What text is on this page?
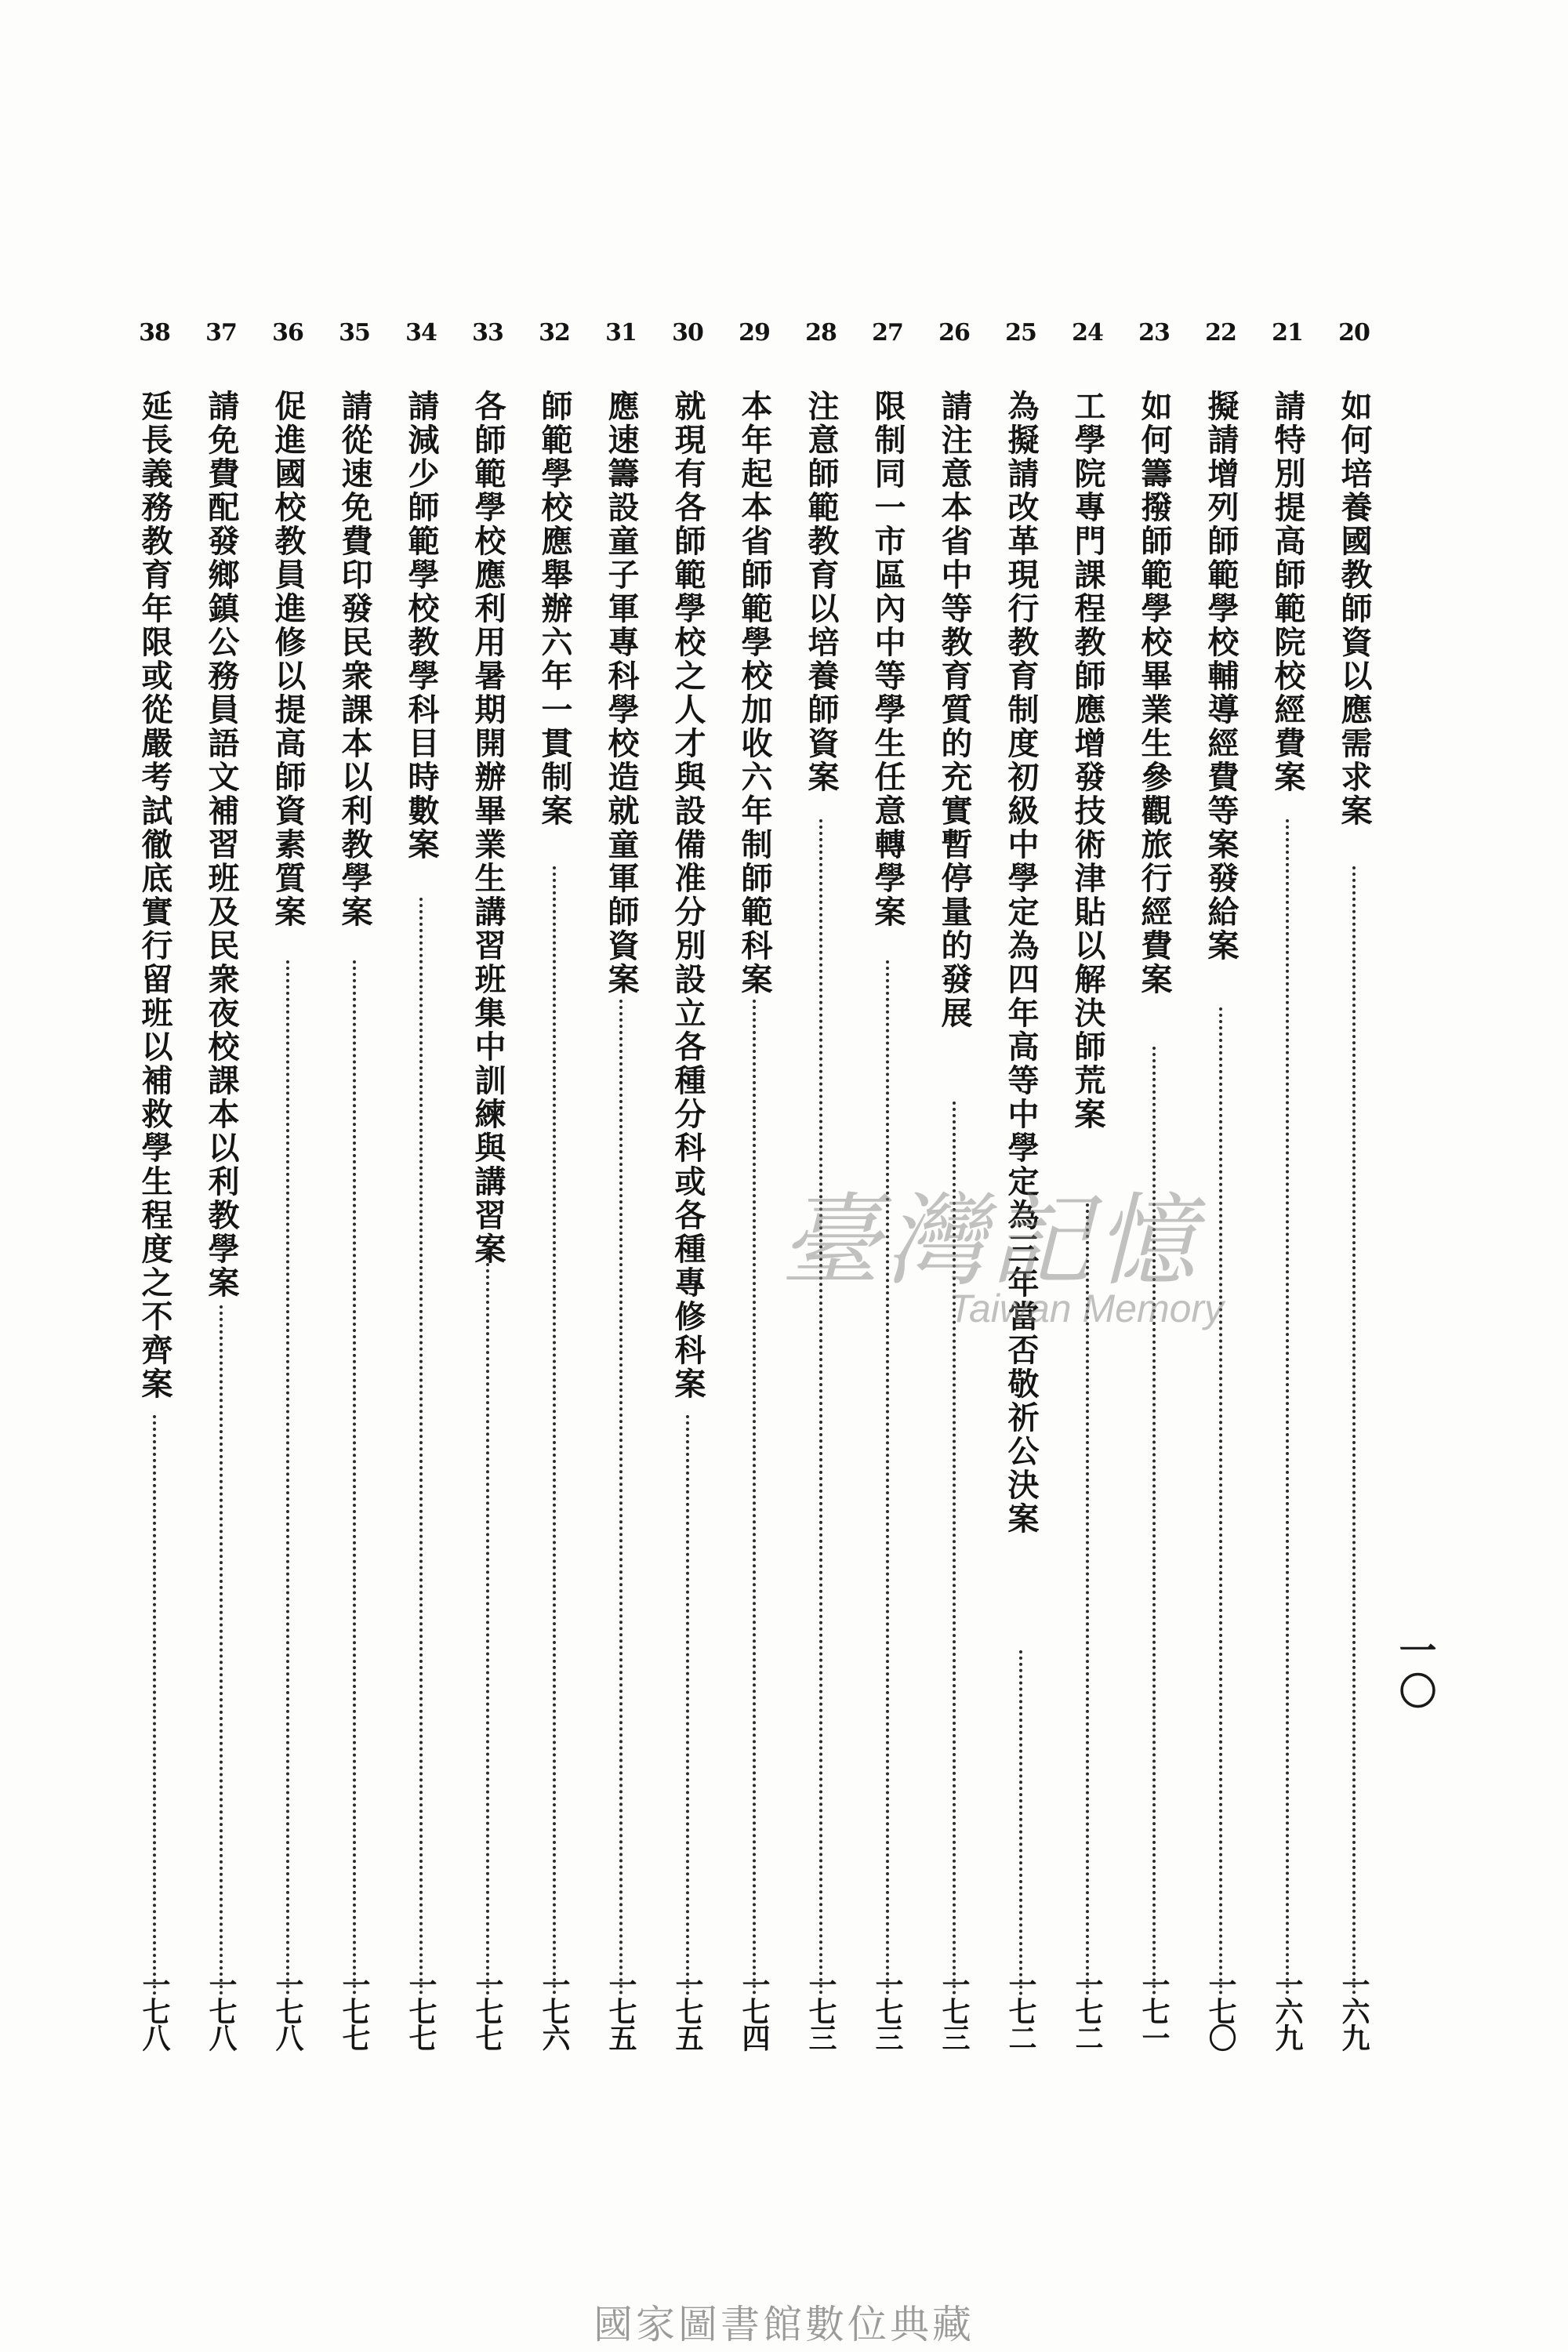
20
如何培養國教師資以應需求案
一六九
21
請特別提高師範院校經費案
一六九
22
擬請增列師範學校輔導經費等案發給案
一七〇
23
如何籌撥師範學校畢業生參觀旅行經費案
一七一
24
工學院專門課程教師應增發技術津貼以解決師荒案
一七二
25
為擬請改革現行教育制度初級中學定為四年高等中學定為三年當否敬祈公決案
一七二
26
請注意本省中等教育質的充實暫停量的發展
一七三
27
限制同一市區內中等學生任意轉學案
一七三
28
注意師範教育以培養師資案
一七三
29
本年起本省師範學校加收六年制師範科案
一七四
30
就現有各師範學校之人才與設備准分別設立各種分科或各種專修科案
一七五
31
應速籌設童子軍專科學校造就童軍師資案
一七五
32
師範學校應舉辦六年一貫制案
一七六
33
各師範學校應利用暑期開辦畢業生講習班集中訓練與講習案
一七七
34
請減少師範學校教學科目時數案
一七七
35
請從速免費印發民衆課本以利教學案
一七七
36
促進國校教員進修以提高師資素質案
一七八
37
請免費配發鄉鎮公務員語文補習班及民衆夜校課本以利教學案
一七八
38
延長義務教育年限或從嚴考試徹底實行留班以補救學生程度之不齊案
一七八
一〇
臺灣記憶
Taiwan Memory
國家圖書館數位典藏
